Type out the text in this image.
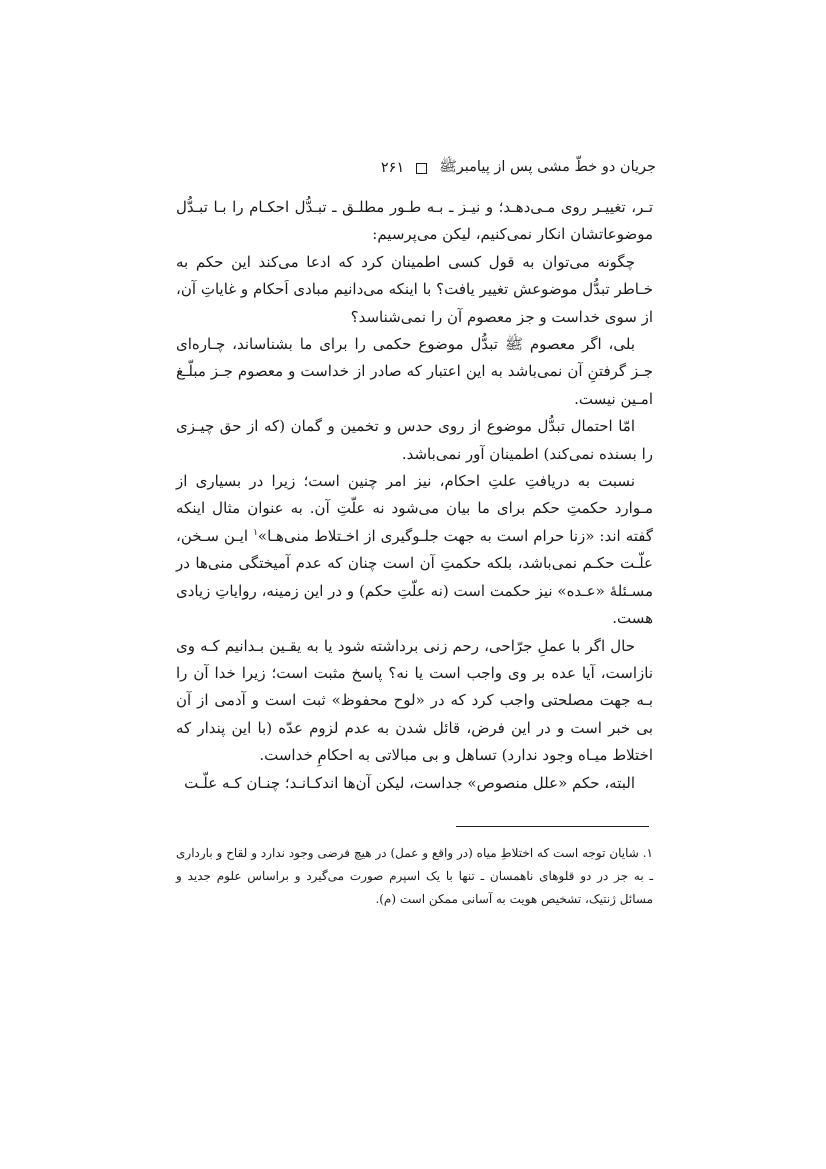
جریان دو خطّ مشی پس از پیامبرﷺ
۲۶۱

تـر، تغییـر روی مـی‌دهـد؛ و نیـز ـ بـه طـور مطلـق ـ تبـدُّل احکـام را بـا تبـدُّل موضوعاتشان انکار نمی‌کنیم، لیکن می‌پرسیم:

چگونه می‌توان به قول کسی اطمینان کرد که ادعا می‌کند این حکم به خـاطر تبدُّل موضوعش تغییر یافت؟ با اینکه می‌دانیم مبادی اَحکام و غایاتِ آن، از سوی خداست و جز معصوم آن را نمی‌شناسد؟

بلی، اگر معصوم ﷺ تبدُّل موضوع حکمی را برای ما بشناساند، چـاره‌ای جـز گرفتنِ آن نمی‌باشد به این اعتبار که صادر از خداست و معصوم جـز مبلّـغ امـین نیست.

امّا احتمال تبدُّل موضوع از روی حدس و تخمین و گمان (که از حق چیـزی را بسنده نمی‌کند) اطمینان آور نمی‌باشد.

نسبت به دریافتِ علتِ احکام، نیز امر چنین است؛ زیرا در بسیاری از مـوارد حکمتِ حکم برای ما بیان می‌شود نه علّتِ آن. به عنوان مثال اینکه گفته اند: «زنا حرام است به جهت جلـوگیری از اخـتلاط منی‌هـا»$^۱$ ایـن سـخن، علّـت حکـم نمی‌باشد، بلکه حکمتِ آن است چنان که عدم آمیختگی منی‌ها در مسـئلهٔ «عـده» نیز حکمت است (نه علّتِ حکم) و در این زمینه، روایاتِ زیادی هست.

حال اگر با عملِ جرّاحی، رحم زنی برداشته شود یا به یقـین بـدانیم کـه وی نازاست، آیا عده بر وی واجب است یا نه؟ پاسخ مثبت است؛ زیرا خدا آن را بـه جهت مصلحتی واجب کرد که در «لوح محفوظ» ثبت است و آدمی از آن بی خبر است و در این فرض، قائل شدن به عدم لزوم عدّه (با این پندار که اختلاط میـاه وجود ندارد) تساهل و بی مبالاتی به احکامِ خداست.

البته، حکم «علل منصوص» جداست، لیکن آن‌ها اندکـانـد؛ چنـان کـه علّـت

۱. شایان توجه است که اختلاطِ میاه (در واقع و عمل) در هیچ فرضی وجود ندارد و لقاح و بارداری ـ به جز در دو قلوهای ناهمسان ـ تنها با یک اسپرم صورت می‌گیرد و براساس علوم جدید و مسائل ژنتیک، تشخیص هویت به آسانی ممکن است (م).
